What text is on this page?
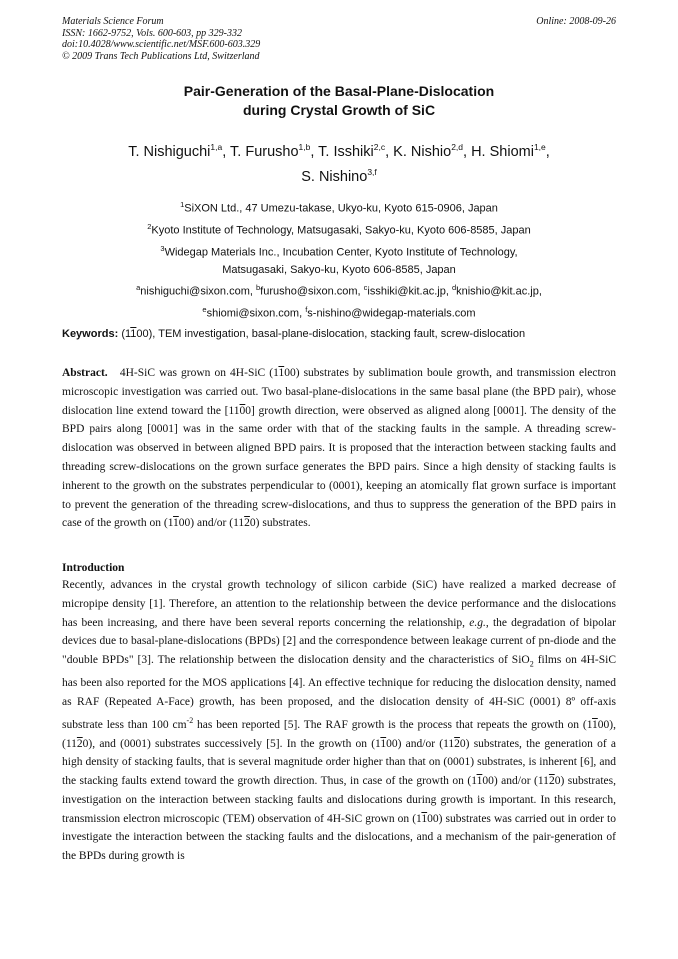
Materials Science Forum
ISSN: 1662-9752, Vols. 600-603, pp 329-332
doi:10.4028/www.scientific.net/MSF.600-603.329
© 2009 Trans Tech Publications Ltd, Switzerland
Online: 2008-09-26
Pair-Generation of the Basal-Plane-Dislocation
during Crystal Growth of SiC
T. Nishiguchi$^{1,a}$, T. Furusho$^{1,b}$, T. Isshiki$^{2,c}$, K. Nishio$^{2,d}$, H. Shiomi$^{1,e}$,
S. Nishino$^{3,f}$
$^1$SiXON Ltd., 47 Umezu-takase, Ukyo-ku, Kyoto 615-0906, Japan
$^2$Kyoto Institute of Technology, Matsugasaki, Sakyo-ku, Kyoto 606-8585, Japan
$^3$Widegap Materials Inc., Incubation Center, Kyoto Institute of Technology,
Matsugasaki, Sakyo-ku, Kyoto 606-8585, Japan
$^a$nishiguchi@sixon.com, $^b$furusho@sixon.com, $^c$isshiki@kit.ac.jp, $^d$knishio@kit.ac.jp,
$^e$shiomi@sixon.com, $^f$s-nishino@widegap-materials.com
Keywords: (1100), TEM investigation, basal-plane-dislocation, stacking fault, screw-dislocation
Abstract. 4H-SiC was grown on 4H-SiC (1100) substrates by sublimation boule growth, and transmission electron microscopic investigation was carried out. Two basal-plane-dislocations in the same basal plane (the BPD pair), whose dislocation line extend toward the [1100] growth direction, were observed as aligned along [0001]. The density of the BPD pairs along [0001] was in the same order with that of the stacking faults in the sample. A threading screw-dislocation was observed in between aligned BPD pairs. It is proposed that the interaction between stacking faults and threading screw-dislocations on the grown surface generates the BPD pairs. Since a high density of stacking faults is inherent to the growth on the substrates perpendicular to (0001), keeping an atomically flat grown surface is important to prevent the generation of the threading screw-dislocations, and thus to suppress the generation of the BPD pairs in case of the growth on (1100) and/or (1120) substrates.
Introduction
Recently, advances in the crystal growth technology of silicon carbide (SiC) have realized a marked decrease of micropipe density [1]. Therefore, an attention to the relationship between the device performance and the dislocations has been increasing, and there have been several reports concerning the relationship, e.g., the degradation of bipolar devices due to basal-plane-dislocations (BPDs) [2] and the correspondence between leakage current of pn-diode and the "double BPDs" [3]. The relationship between the dislocation density and the characteristics of SiO$_2$ films on 4H-SiC has been also reported for the MOS applications [4]. An effective technique for reducing the dislocation density, named as RAF (Repeated A-Face) growth, has been proposed, and the dislocation density of 4H-SiC (0001) 8º off-axis substrate less than 100 $cm^{-2}$ has been reported [5]. The RAF growth is the process that repeats the growth on (1100), (1120), and (0001) substrates successively [5]. In the growth on (1100) and/or (1120) substrates, the generation of a high density of stacking faults, that is several magnitude order higher than that on (0001) substrates, is inherent [6], and the stacking faults extend toward the growth direction. Thus, in case of the growth on (1100) and/or (1120) substrates, investigation on the interaction between stacking faults and dislocations during growth is important. In this research, transmission electron microscopic (TEM) observation of 4H-SiC grown on (1100) substrates was carried out in order to investigate the interaction between the stacking faults and the dislocations, and a mechanism of the pair-generation of the BPDs during growth is
